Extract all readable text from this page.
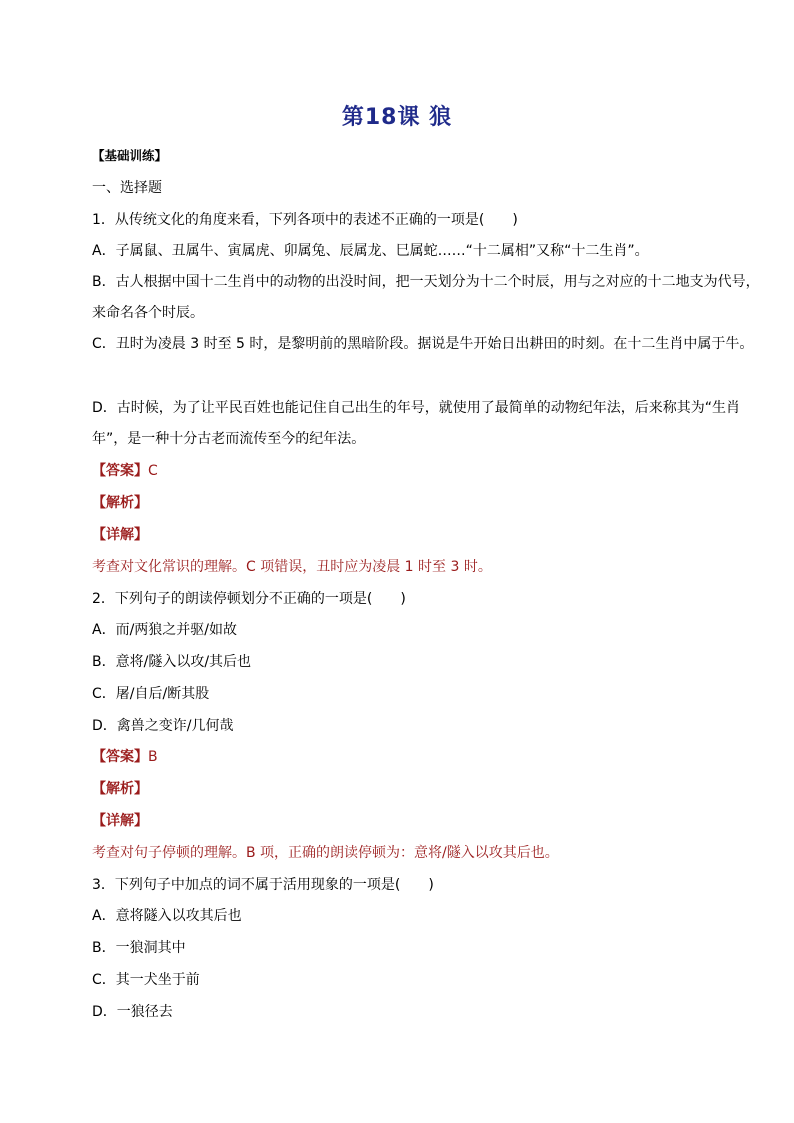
第18课 狼
【基础训练】
一、选择题
1．从传统文化的角度来看，下列各项中的表述不正确的一项是(　　)
A．子属鼠、丑属牛、寅属虎、卯属兔、辰属龙、巳属蛇……“十二属相”又称“十二生肖”。
B．古人根据中国十二生肖中的动物的出没时间，把一天划分为十二个时辰，用与之对应的十二地支为代号，
来命名各个时辰。
C．丑时为凌晨 3 时至 5 时，是黎明前的黑暗阶段。据说是牛开始日出耕田的时刻。在十二生肖中属于牛。
D．古时候，为了让平民百姓也能记住自己出生的年号，就使用了最简单的动物纪年法，后来称其为“生肖
年”，是一种十分古老而流传至今的纪年法。
【答案】C
【解析】
【详解】
考查对文化常识的理解。C 项错误，丑时应为凌晨 1 时至 3 时。
2．下列句子的朗读停顿划分不正确的一项是(　　)
A．而/两狼之并驱/如故
B．意将/隧入以攻/其后也
C．屠/自后/断其股
D．禽兽之变诈/几何哉
【答案】B
【解析】
【详解】
考查对句子停顿的理解。B 项，正确的朗读停顿为：意将/隧入以攻其后也。
3．下列句子中加点的词不属于活用现象的一项是(　　)
A．意将隧入以攻其后也
B．一狼洞其中
C．其一犬坐于前
D．一狼径去
